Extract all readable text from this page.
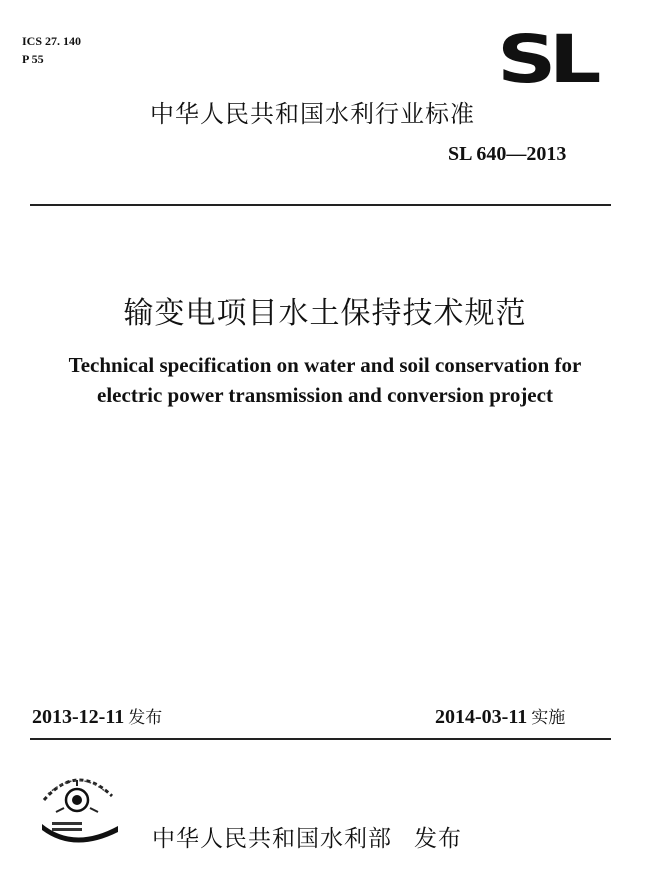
ICS 27. 140
P 55	SL
中华人民共和国水利行业标准
SL 640—2013
输变电项目水土保持技术规范
Technical specification on water and soil conservation for
electric power transmission and conversion project
2013-12-11 发布	2014-03-11 实施
中华人民共和国水利部 发布
